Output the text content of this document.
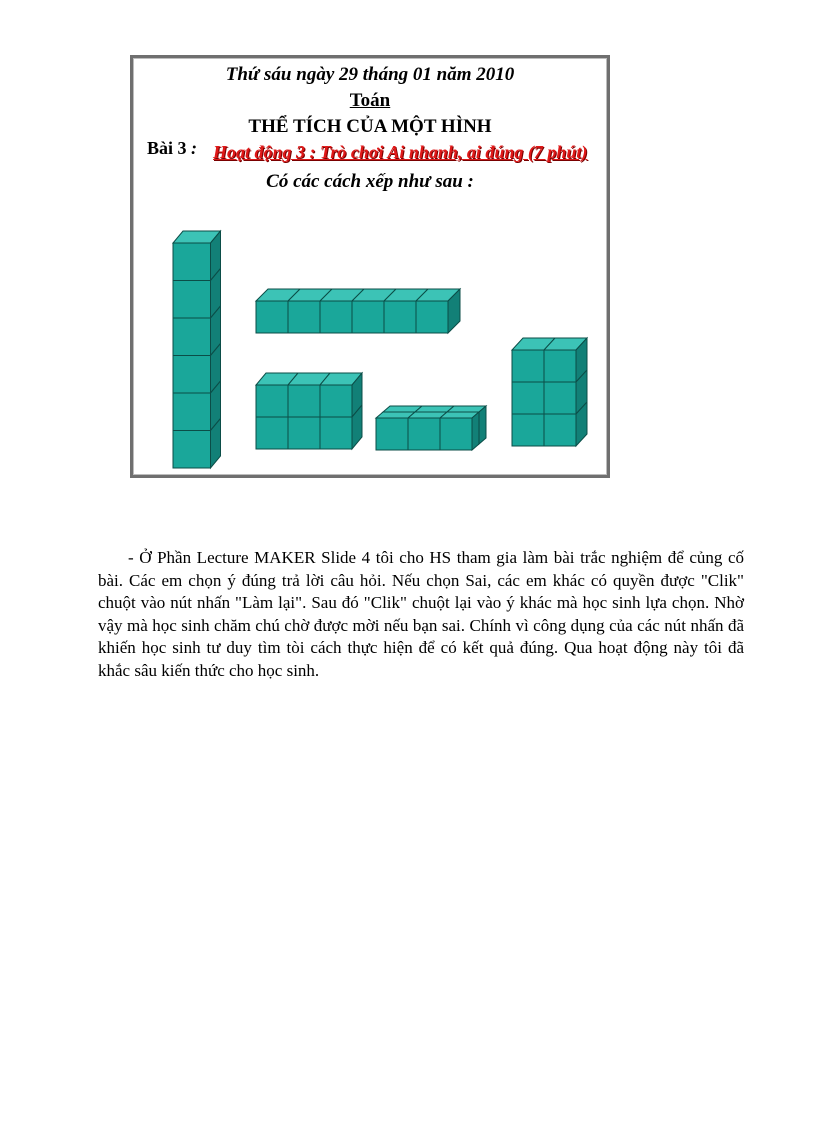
Thứ sáu ngày 29 tháng 01 năm 2010
Toán
THỂ TÍCH CỦA MỘT HÌNH
Bài 3 : Hoạt động 3 : Trò chơi Ai nhanh, ai đúng (7 phút)
Có các cách xếp như sau :
- Ở Phần Lecture MAKER Slide 4 tôi cho HS tham gia làm bài trắc nghiệm để củng cố bài. Các em chọn ý đúng trả lời câu hỏi. Nếu chọn Sai, các em khác có quyền được "Clik" chuột vào nút nhấn "Làm lại". Sau đó "Clik" chuột lại vào ý khác mà học sinh lựa chọn. Nhờ vậy mà học sinh chăm chú chờ được mời nếu bạn sai. Chính vì công dụng của các nút nhấn đã khiến học sinh tư duy tìm tòi cách thực hiện để có kết quả đúng. Qua hoạt động này tôi đã khắc sâu kiến thức cho học sinh.
